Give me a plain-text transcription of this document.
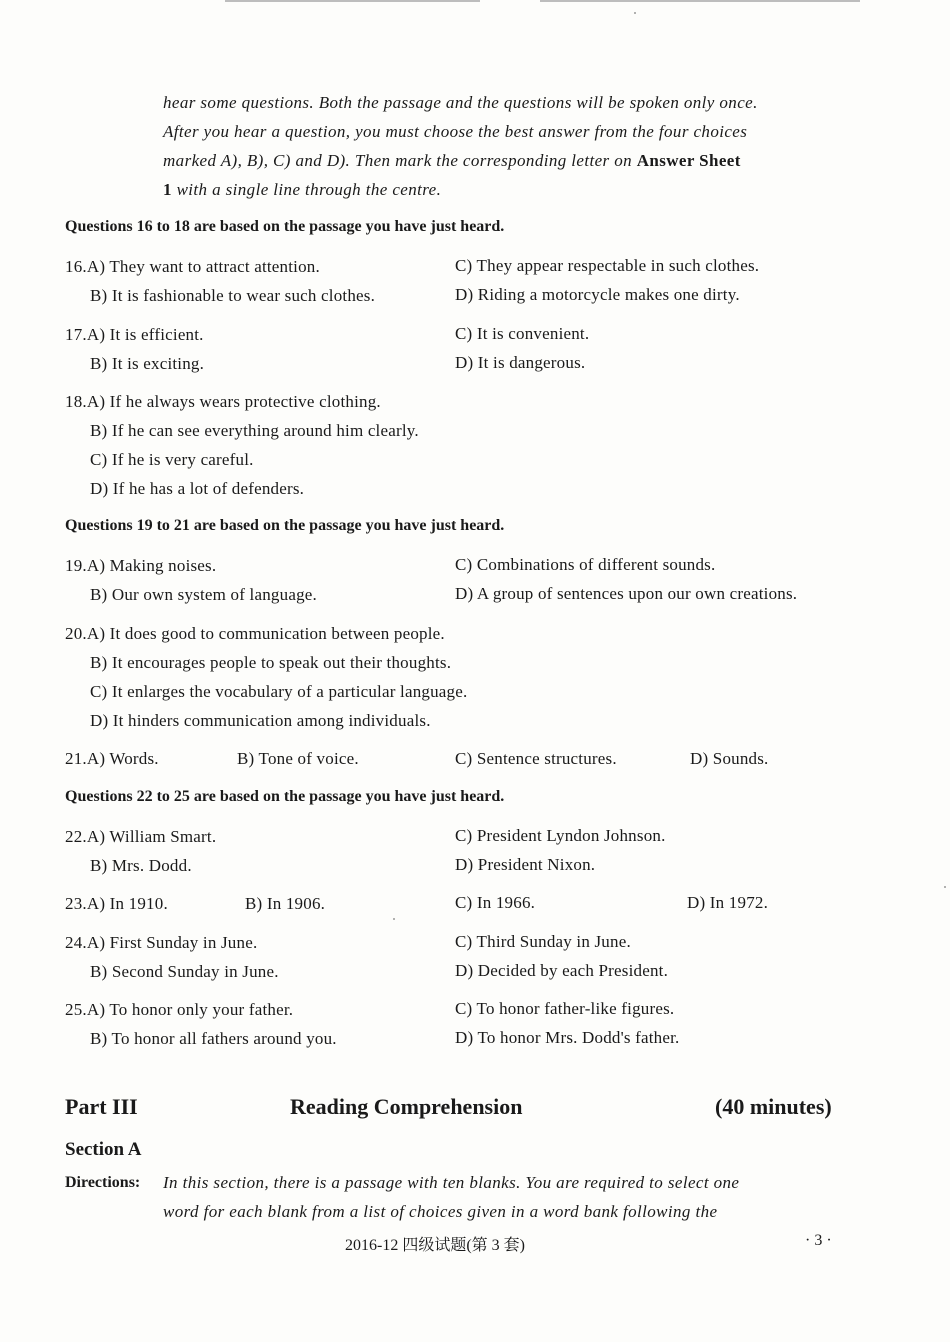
hear some questions. Both the passage and the questions will be spoken only once.
After you hear a question, you must choose the best answer from the four choices
marked A), B), C) and D). Then mark the corresponding letter on Answer Sheet
1 with a single line through the centre.
Questions 16 to 18 are based on the passage you have just heard.
16.A) They want to attract attention.	C) They appear respectable in such clothes.
B) It is fashionable to wear such clothes.	D) Riding a motorcycle makes one dirty.
17.A) It is efficient.	C) It is convenient.
B) It is exciting.	D) It is dangerous.
18.A) If he always wears protective clothing.
B) If he can see everything around him clearly.
C) If he is very careful.
D) If he has a lot of defenders.
Questions 19 to 21 are based on the passage you have just heard.
19.A) Making noises.	C) Combinations of different sounds.
B) Our own system of language.	D) A group of sentences upon our own creations.
20.A) It does good to communication between people.
B) It encourages people to speak out their thoughts.
C) It enlarges the vocabulary of a particular language.
D) It hinders communication among individuals.
21.A) Words.	B) Tone of voice.	C) Sentence structures.	D) Sounds.
Questions 22 to 25 are based on the passage you have just heard.
22.A) William Smart.	C) President Lyndon Johnson.
B) Mrs. Dodd.	D) President Nixon.
23.A) In 1910.	B) In 1906.	C) In 1966.	D) In 1972.
24.A) First Sunday in June.	C) Third Sunday in June.
B) Second Sunday in June.	D) Decided by each President.
25.A) To honor only your father.	C) To honor father-like figures.
B) To honor all fathers around you.	D) To honor Mrs. Dodd's father.
Part III	Reading Comprehension	(40 minutes)
Section A
Directions: In this section, there is a passage with ten blanks. You are required to select one
word for each blank from a list of choices given in a word bank following the
2016-12 四级试题(第 3 套)	· 3 ·
